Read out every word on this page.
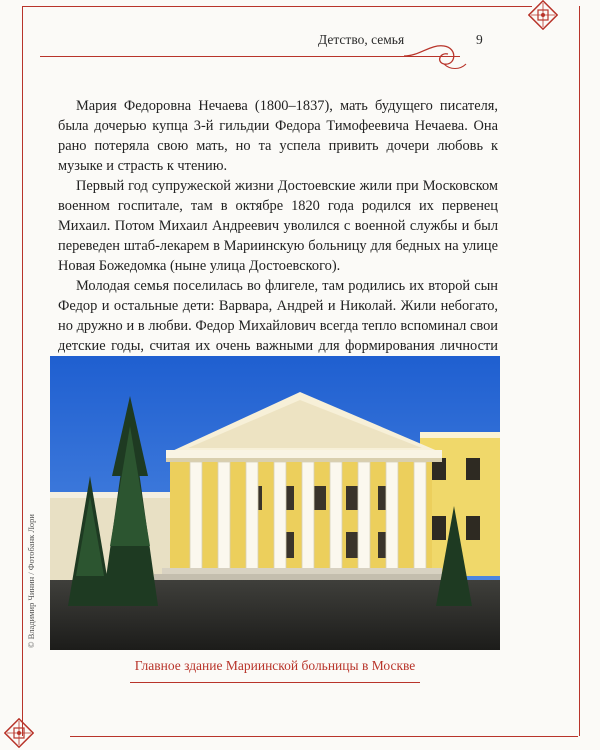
Детство, семья	9

Мария Федоровна Нечаева (1800–1837), мать будущего писателя, была дочерью купца 3-й гильдии Федора Тимофеевича Нечаева. Она рано потеряла свою мать, но та успела привить дочери любовь к музыке и страсть к чтению.

Первый год супружеской жизни Достоевские жили при Московском военном госпитале, там в октябре 1820 года родился их первенец Михаил. Потом Михаил Андреевич уволился с военной службы и был переведен штаб-лекарем в Мариинскую больницу для бедных на улице Новая Божедомка (ныне улица Достоевского).

Молодая семья поселилась во флигеле, там родились их второй сын Федор и остальные дети: Варвара, Андрей и Николай. Жили небогато, но дружно и в любви. Федор Михайлович всегда тепло вспоминал свои детские годы, считая их очень важными для формирования личности

© Владимир Чинин / Фотобанк Лори
Главное здание Мариинской больницы в Москве
